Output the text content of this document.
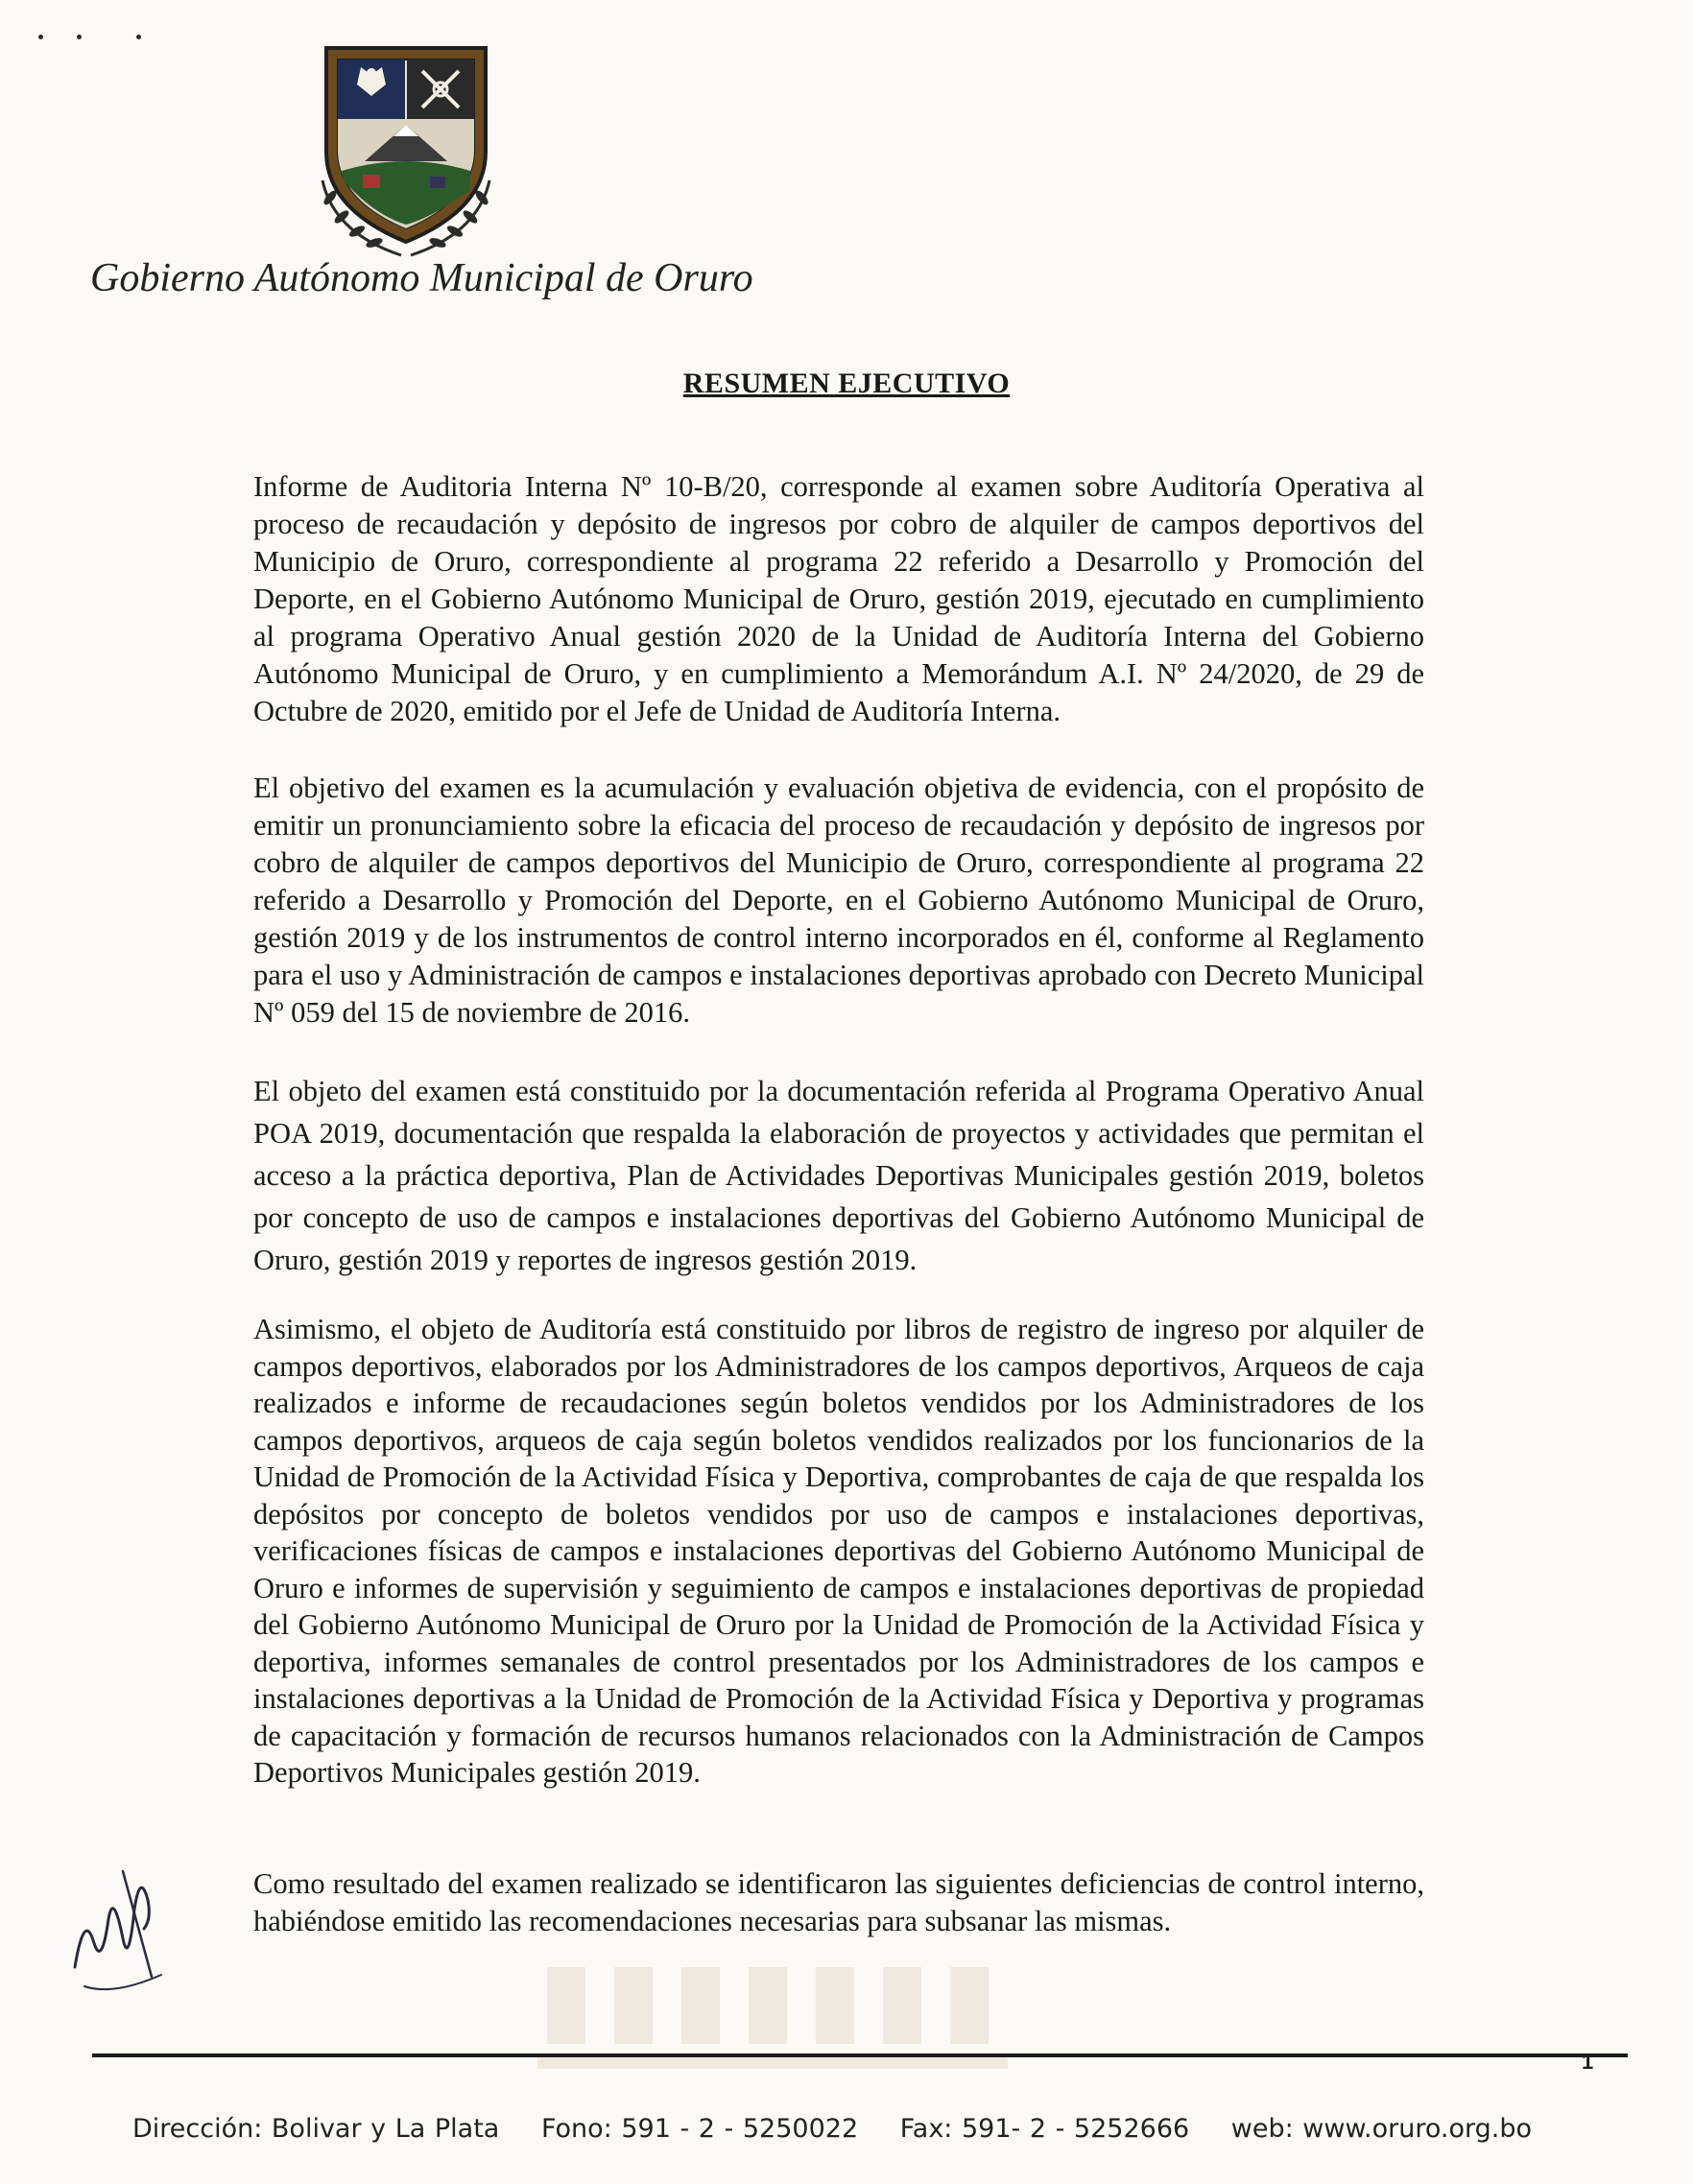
Gobierno Autónomo Municipal de Oruro
RESUMEN EJECUTIVO

Informe de Auditoria Interna Nº 10-B/20, corresponde al examen sobre Auditoría Operativa al proceso de recaudación y depósito de ingresos por cobro de alquiler de campos deportivos del Municipio de Oruro, correspondiente al programa 22 referido a Desarrollo y Promoción del Deporte, en el Gobierno Autónomo Municipal de Oruro, gestión 2019, ejecutado en cumplimiento al programa Operativo Anual gestión 2020 de la Unidad de Auditoría Interna del Gobierno Autónomo Municipal de Oruro, y en cumplimiento a Memorándum A.I. Nº 24/2020, de 29 de Octubre de 2020, emitido por el Jefe de Unidad de Auditoría Interna.

El objetivo del examen es la acumulación y evaluación objetiva de evidencia, con el propósito de emitir un pronunciamiento sobre la eficacia del proceso de recaudación y depósito de ingresos por cobro de alquiler de campos deportivos del Municipio de Oruro, correspondiente al programa 22 referido a Desarrollo y Promoción del Deporte, en el Gobierno Autónomo Municipal de Oruro, gestión 2019 y de los instrumentos de control interno incorporados en él, conforme al Reglamento para el uso y Administración de campos e instalaciones deportivas aprobado con Decreto Municipal Nº 059 del 15 de noviembre de 2016.

El objeto del examen está constituido por la documentación referida al Programa Operativo Anual POA 2019, documentación que respalda la elaboración de proyectos y actividades que permitan el acceso a la práctica deportiva, Plan de Actividades Deportivas Municipales gestión 2019, boletos por concepto de uso de campos e instalaciones deportivas del Gobierno Autónomo Municipal de Oruro, gestión 2019 y reportes de ingresos gestión 2019.

Asimismo, el objeto de Auditoría está constituido por libros de registro de ingreso por alquiler de campos deportivos, elaborados por los Administradores de los campos deportivos, Arqueos de caja realizados e informe de recaudaciones según boletos vendidos por los Administradores de los campos deportivos, arqueos de caja según boletos vendidos realizados por los funcionarios de la Unidad de Promoción de la Actividad Física y Deportiva, comprobantes de caja de que respalda los depósitos por concepto de boletos vendidos por uso de campos e instalaciones deportivas, verificaciones físicas de campos e instalaciones deportivas del Gobierno Autónomo Municipal de Oruro e informes de supervisión y seguimiento de campos e instalaciones deportivas de propiedad del Gobierno Autónomo Municipal de Oruro por la Unidad de Promoción de la Actividad Física y deportiva, informes semanales de control presentados por los Administradores de los campos e instalaciones deportivas a la Unidad de Promoción de la Actividad Física y Deportiva y programas de capacitación y formación de recursos humanos relacionados con la Administración de Campos Deportivos Municipales gestión 2019.

Como resultado del examen realizado se identificaron las siguientes deficiencias de control interno, habiéndose emitido las recomendaciones necesarias para subsanar las mismas.

1
Dirección: Bolivar y La Plata Fono: 591 - 2 - 5250022 Fax: 591- 2 - 5252666 web: www.oruro.org.bo
